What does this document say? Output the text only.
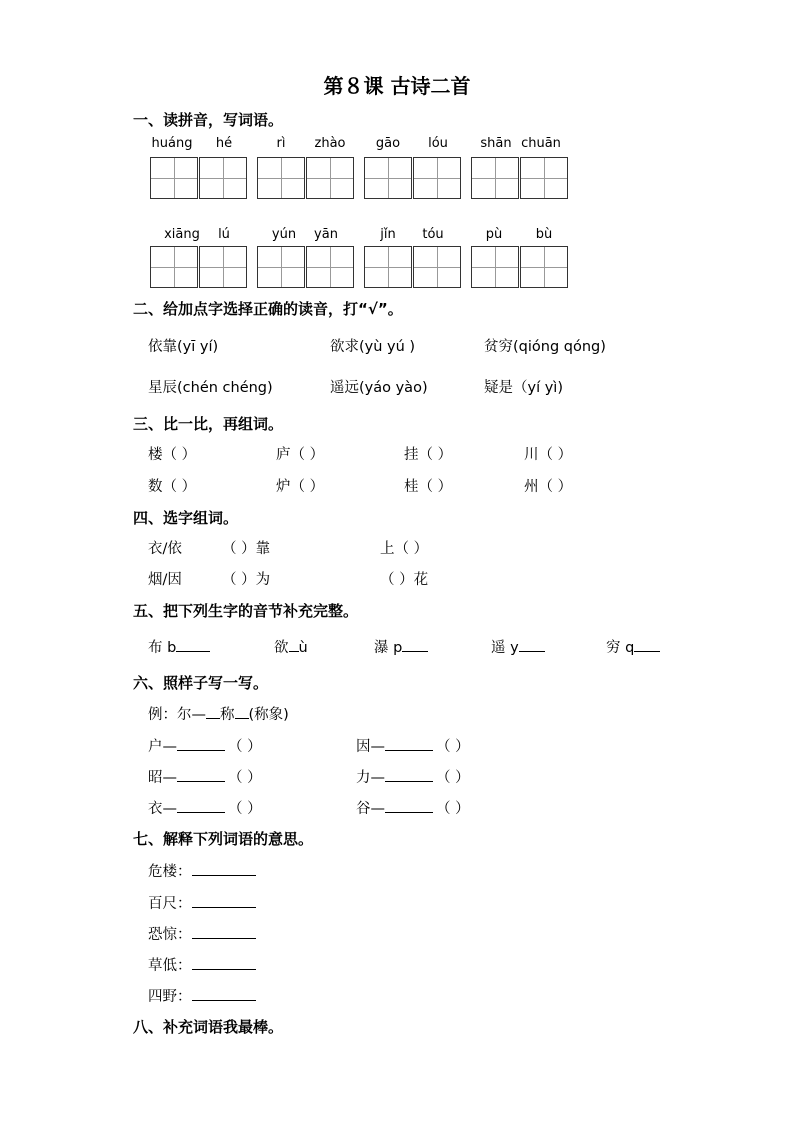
第８课 古诗二首
一、读拼音，写词语。
huáng	hé	rì	zhào	gāo	lóu	shān chuān
xiāng	lú	yún	yān	jǐn	tóu	pù	bù
二、给加点字选择正确的读音，打“√”。
依靠(yī yí)	欲求(yù yú )	贫穷(qióng qóng)
星辰(chén chéng)	遥远(yáo yào)	疑是（yí yì)
三、比一比，再组词。
楼（ ）	庐（ ）	挂（ ）	川（ ）
数（ ）	炉（ ）	桂（ ）	州（ ）
四、选字组词。
衣/依	（ ）靠	上（ ）
烟/因	（ ）为	（ ）花
五、把下列生字的音节补充完整。
布 b	欲 ù	瀑 p	遥 y	穷 q
六、照样子写一写。
例：尔— 称 (称象)
户—	（ ）	因—	（ ）
昭—	（ ）	力—	（ ）
衣—	（ ）	谷—	（ ）
七、解释下列词语的意思。
危楼：
百尺：
恐惊：
草低：
四野：
八、补充词语我最棒。
